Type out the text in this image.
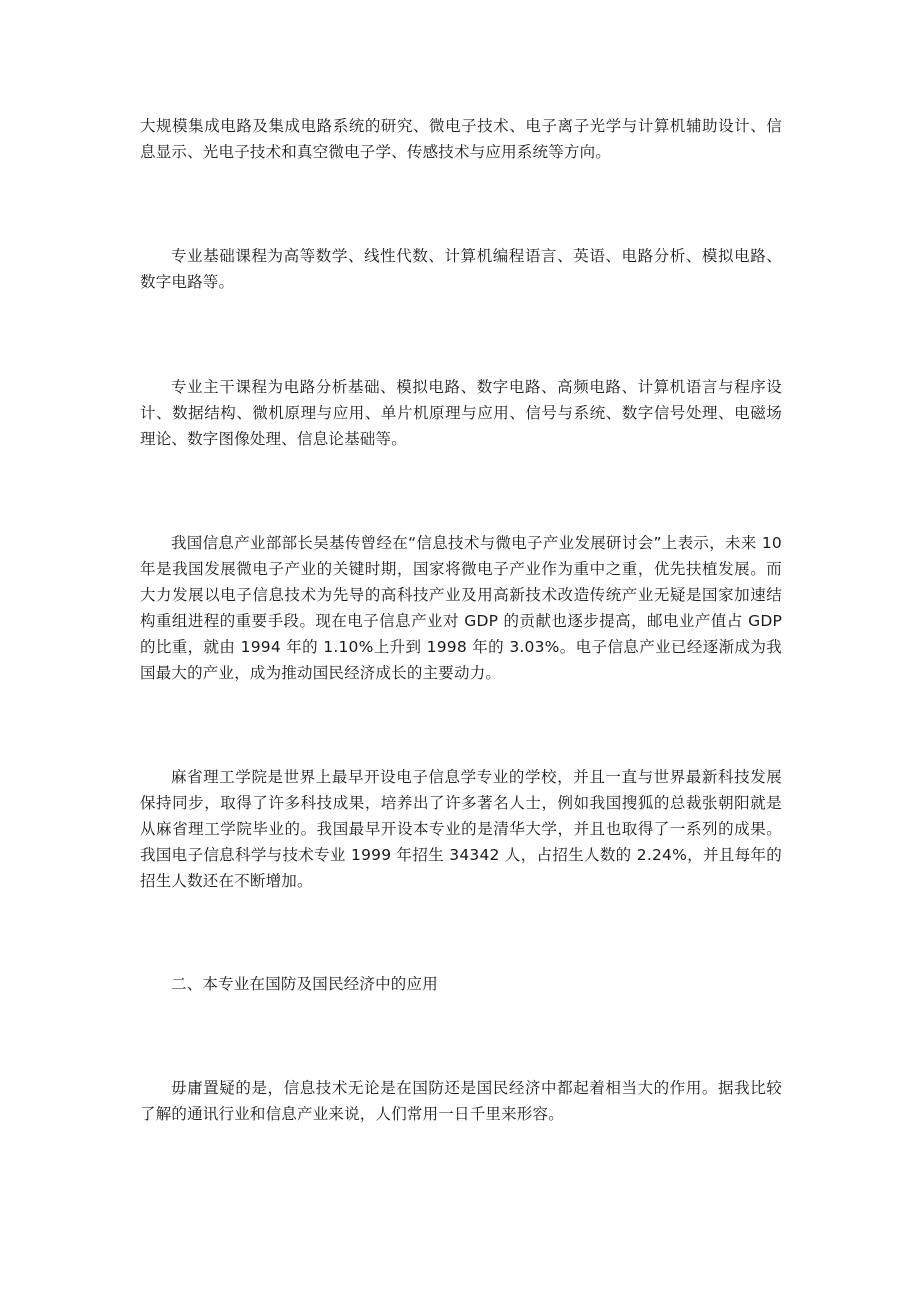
大规模集成电路及集成电路系统的研究、微电子技术、电子离子光学与计算机辅助设计、信息显示、光电子技术和真空微电子学、传感技术与应用系统等方向。

专业基础课程为高等数学、线性代数、计算机编程语言、英语、电路分析、模拟电路、数字电路等。

专业主干课程为电路分析基础、模拟电路、数字电路、高频电路、计算机语言与程序设计、数据结构、微机原理与应用、单片机原理与应用、信号与系统、数字信号处理、电磁场理论、数字图像处理、信息论基础等。

我国信息产业部部长吴基传曾经在“信息技术与微电子产业发展研讨会”上表示，未来 10 年是我国发展微电子产业的关键时期，国家将微电子产业作为重中之重，优先扶植发展。而大力发展以电子信息技术为先导的高科技产业及用高新技术改造传统产业无疑是国家加速结构重组进程的重要手段。现在电子信息产业对 GDP 的贡献也逐步提高，邮电业产值占 GDP 的比重，就由 1994 年的 1.10%上升到 1998 年的 3.03%。电子信息产业已经逐渐成为我国最大的产业，成为推动国民经济成长的主要动力。

麻省理工学院是世界上最早开设电子信息学专业的学校，并且一直与世界最新科技发展保持同步，取得了许多科技成果，培养出了许多著名人士，例如我国搜狐的总裁张朝阳就是从麻省理工学院毕业的。我国最早开设本专业的是清华大学，并且也取得了一系列的成果。我国电子信息科学与技术专业 1999 年招生 34342 人，占招生人数的 2.24%，并且每年的招生人数还在不断增加。

二、本专业在国防及国民经济中的应用

毋庸置疑的是，信息技术无论是在国防还是国民经济中都起着相当大的作用。据我比较了解的通讯行业和信息产业来说，人们常用一日千里来形容。
